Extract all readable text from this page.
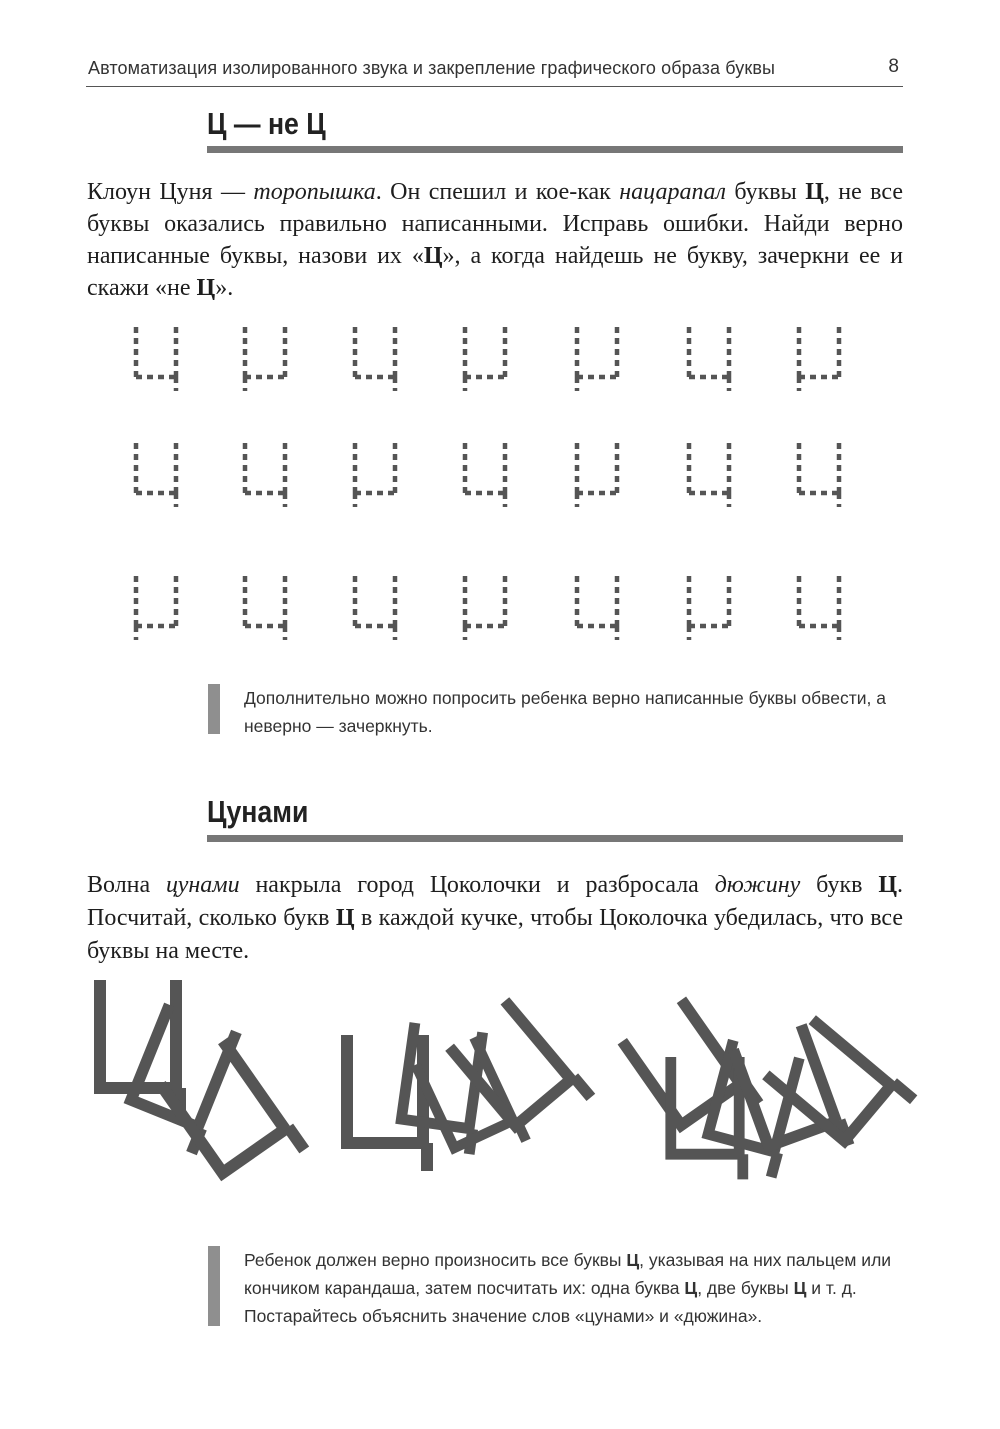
Автоматизация изолированного звука и закрепление графического образа буквы	8
Ц — не Ц

Клоун Цуня — торопышка. Он спешил и кое-как нацарапал буквы Ц, не все буквы оказались правильно написанными. Исправь ошибки. Найди верно написанные буквы, назови их «Ц», а когда найдешь не букву, зачеркни ее и скажи «не Ц».

Дополнительно можно попросить ребенка верно написанные буквы обвести, а неверно — зачеркнуть.
Цунами

Волна цунами накрыла город Цоколочки и разбросала дюжину букв Ц. Посчитай, сколько букв Ц в каждой кучке, чтобы Цоколочка убедилась, что все буквы на месте.

Ребенок должен верно произносить все буквы Ц, указывая на них пальцем или кончиком карандаша, затем посчитать их: одна буква Ц, две буквы Ц и т. д. Постарайтесь объяснить значение слов «цунами» и «дюжина».
